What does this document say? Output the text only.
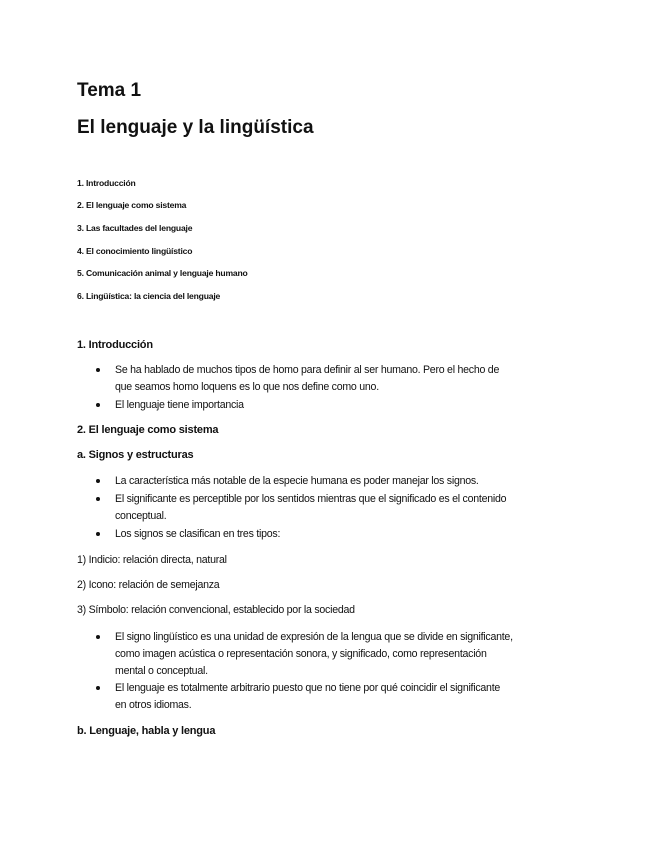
Tema 1
El lenguaje y la lingüística
1. Introducción
2. El lenguaje como sistema
3. Las facultades del lenguaje
4. El conocimiento lingüístico
5. Comunicación animal y lenguaje humano
6. Lingüística: la ciencia del lenguaje
1. Introducción
Se ha hablado de muchos tipos de homo para definir al ser humano. Pero el hecho de
que seamos homo loquens es lo que nos define como uno.
El lenguaje tiene importancia
2. El lenguaje como sistema
a. Signos y estructuras
La característica más notable de la especie humana es poder manejar los signos.
El significante es perceptible por los sentidos mientras que el significado es el contenido
conceptual.
Los signos se clasifican en tres tipos:
1) Indicio: relación directa, natural
2) Icono: relación de semejanza
3) Símbolo: relación convencional, establecido por la sociedad
El signo lingüístico es una unidad de expresión de la lengua que se divide en significante,
como imagen acústica o representación sonora, y significado, como representación
mental o conceptual.
El lenguaje es totalmente arbitrario puesto que no tiene por qué coincidir el significante
en otros idiomas.
b. Lenguaje, habla y lengua
